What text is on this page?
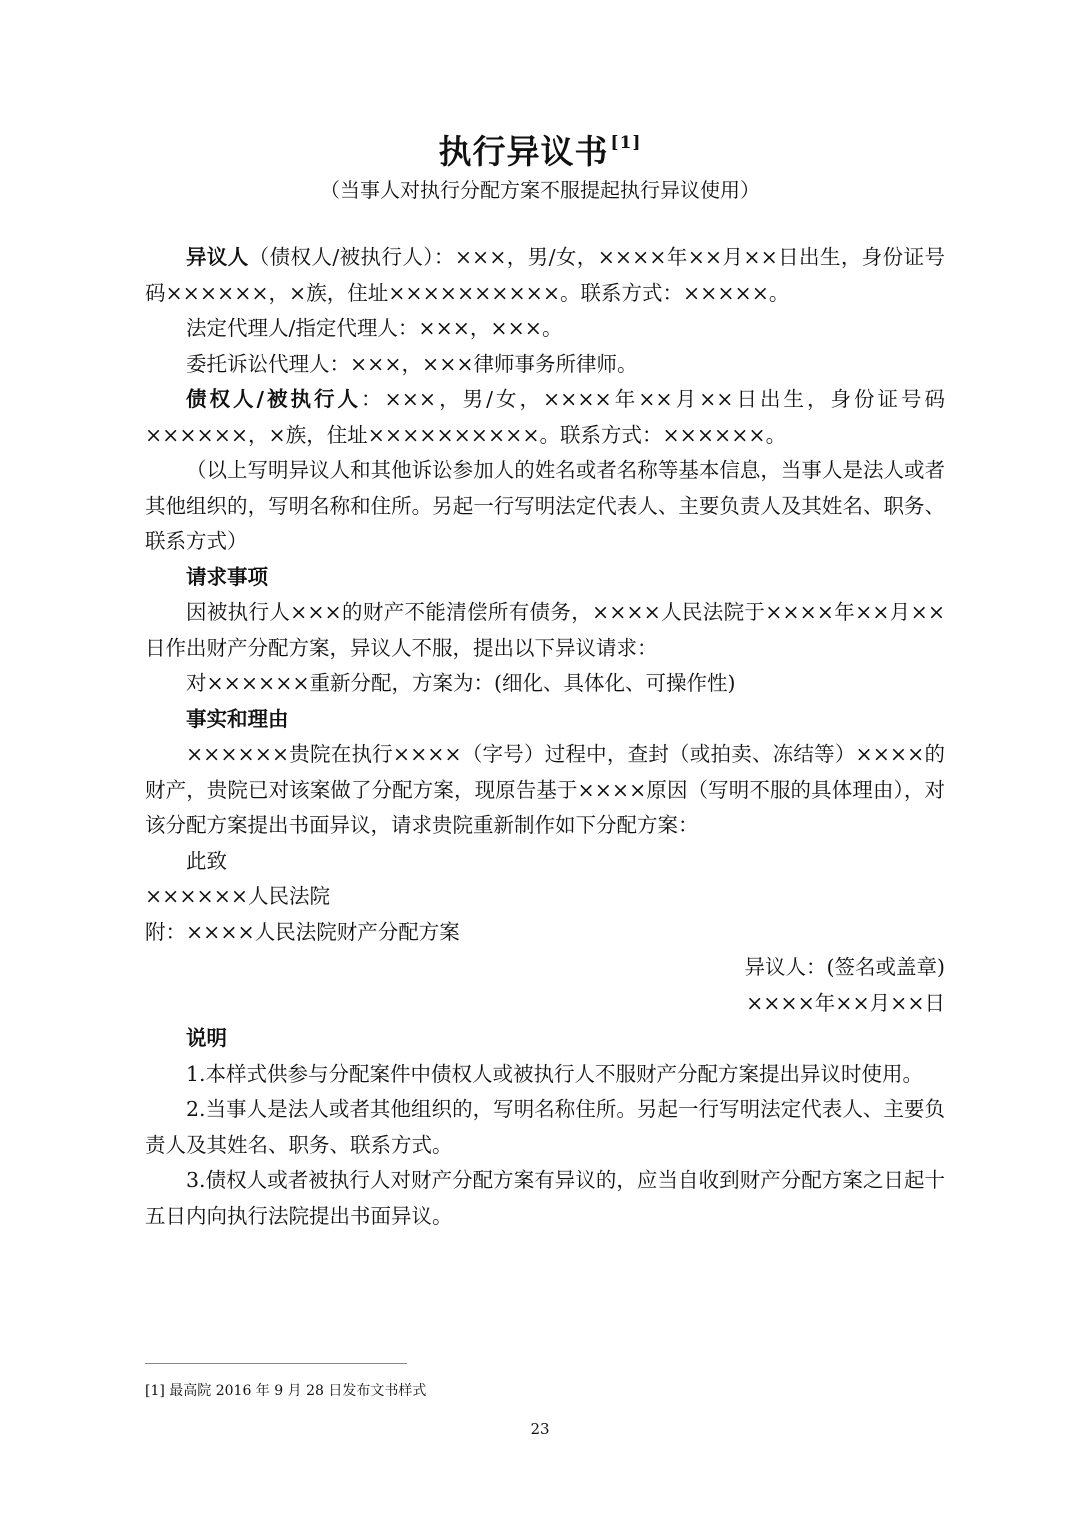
执行异议书 [1]
（当事人对执行分配方案不服提起执行异议使用）

异议人（债权人/被执行人）：×××，男/女，××××年××月××日出生，身份证号码××××××，×族，住址××××××××××。联系方式：×××××。

法定代理人/指定代理人：×××，×××。

委托诉讼代理人：×××，×××律师事务所律师。

债权人/被执行人：×××，男/女，××××年××月××日出生，身份证号码××××××，×族，住址××××××××××。联系方式：××××××。

（以上写明异议人和其他诉讼参加人的姓名或者名称等基本信息，当事人是法人或者其他组织的，写明名称和住所。另起一行写明法定代表人、主要负责人及其姓名、职务、联系方式）

请求事项

因被执行人×××的财产不能清偿所有债务，××××人民法院于××××年××月××日作出财产分配方案，异议人不服，提出以下异议请求：

对××××××重新分配，方案为：(细化、具体化、可操作性)

事实和理由

××××××贵院在执行××××（字号）过程中，查封（或拍卖、冻结等）××××的财产，贵院已对该案做了分配方案，现原告基于××××原因（写明不服的具体理由），对该分配方案提出书面异议，请求贵院重新制作如下分配方案：

此致

××××××人民法院

附：××××人民法院财产分配方案

异议人：(签名或盖章)

××××年××月××日

说明

1.本样式供参与分配案件中债权人或被执行人不服财产分配方案提出异议时使用。

2.当事人是法人或者其他组织的，写明名称住所。另起一行写明法定代表人、主要负责人及其姓名、职务、联系方式。

3.债权人或者被执行人对财产分配方案有异议的，应当自收到财产分配方案之日起十五日内向执行法院提出书面异议。

[1] 最高院 2016 年 9 月 28 日发布文书样式
23
